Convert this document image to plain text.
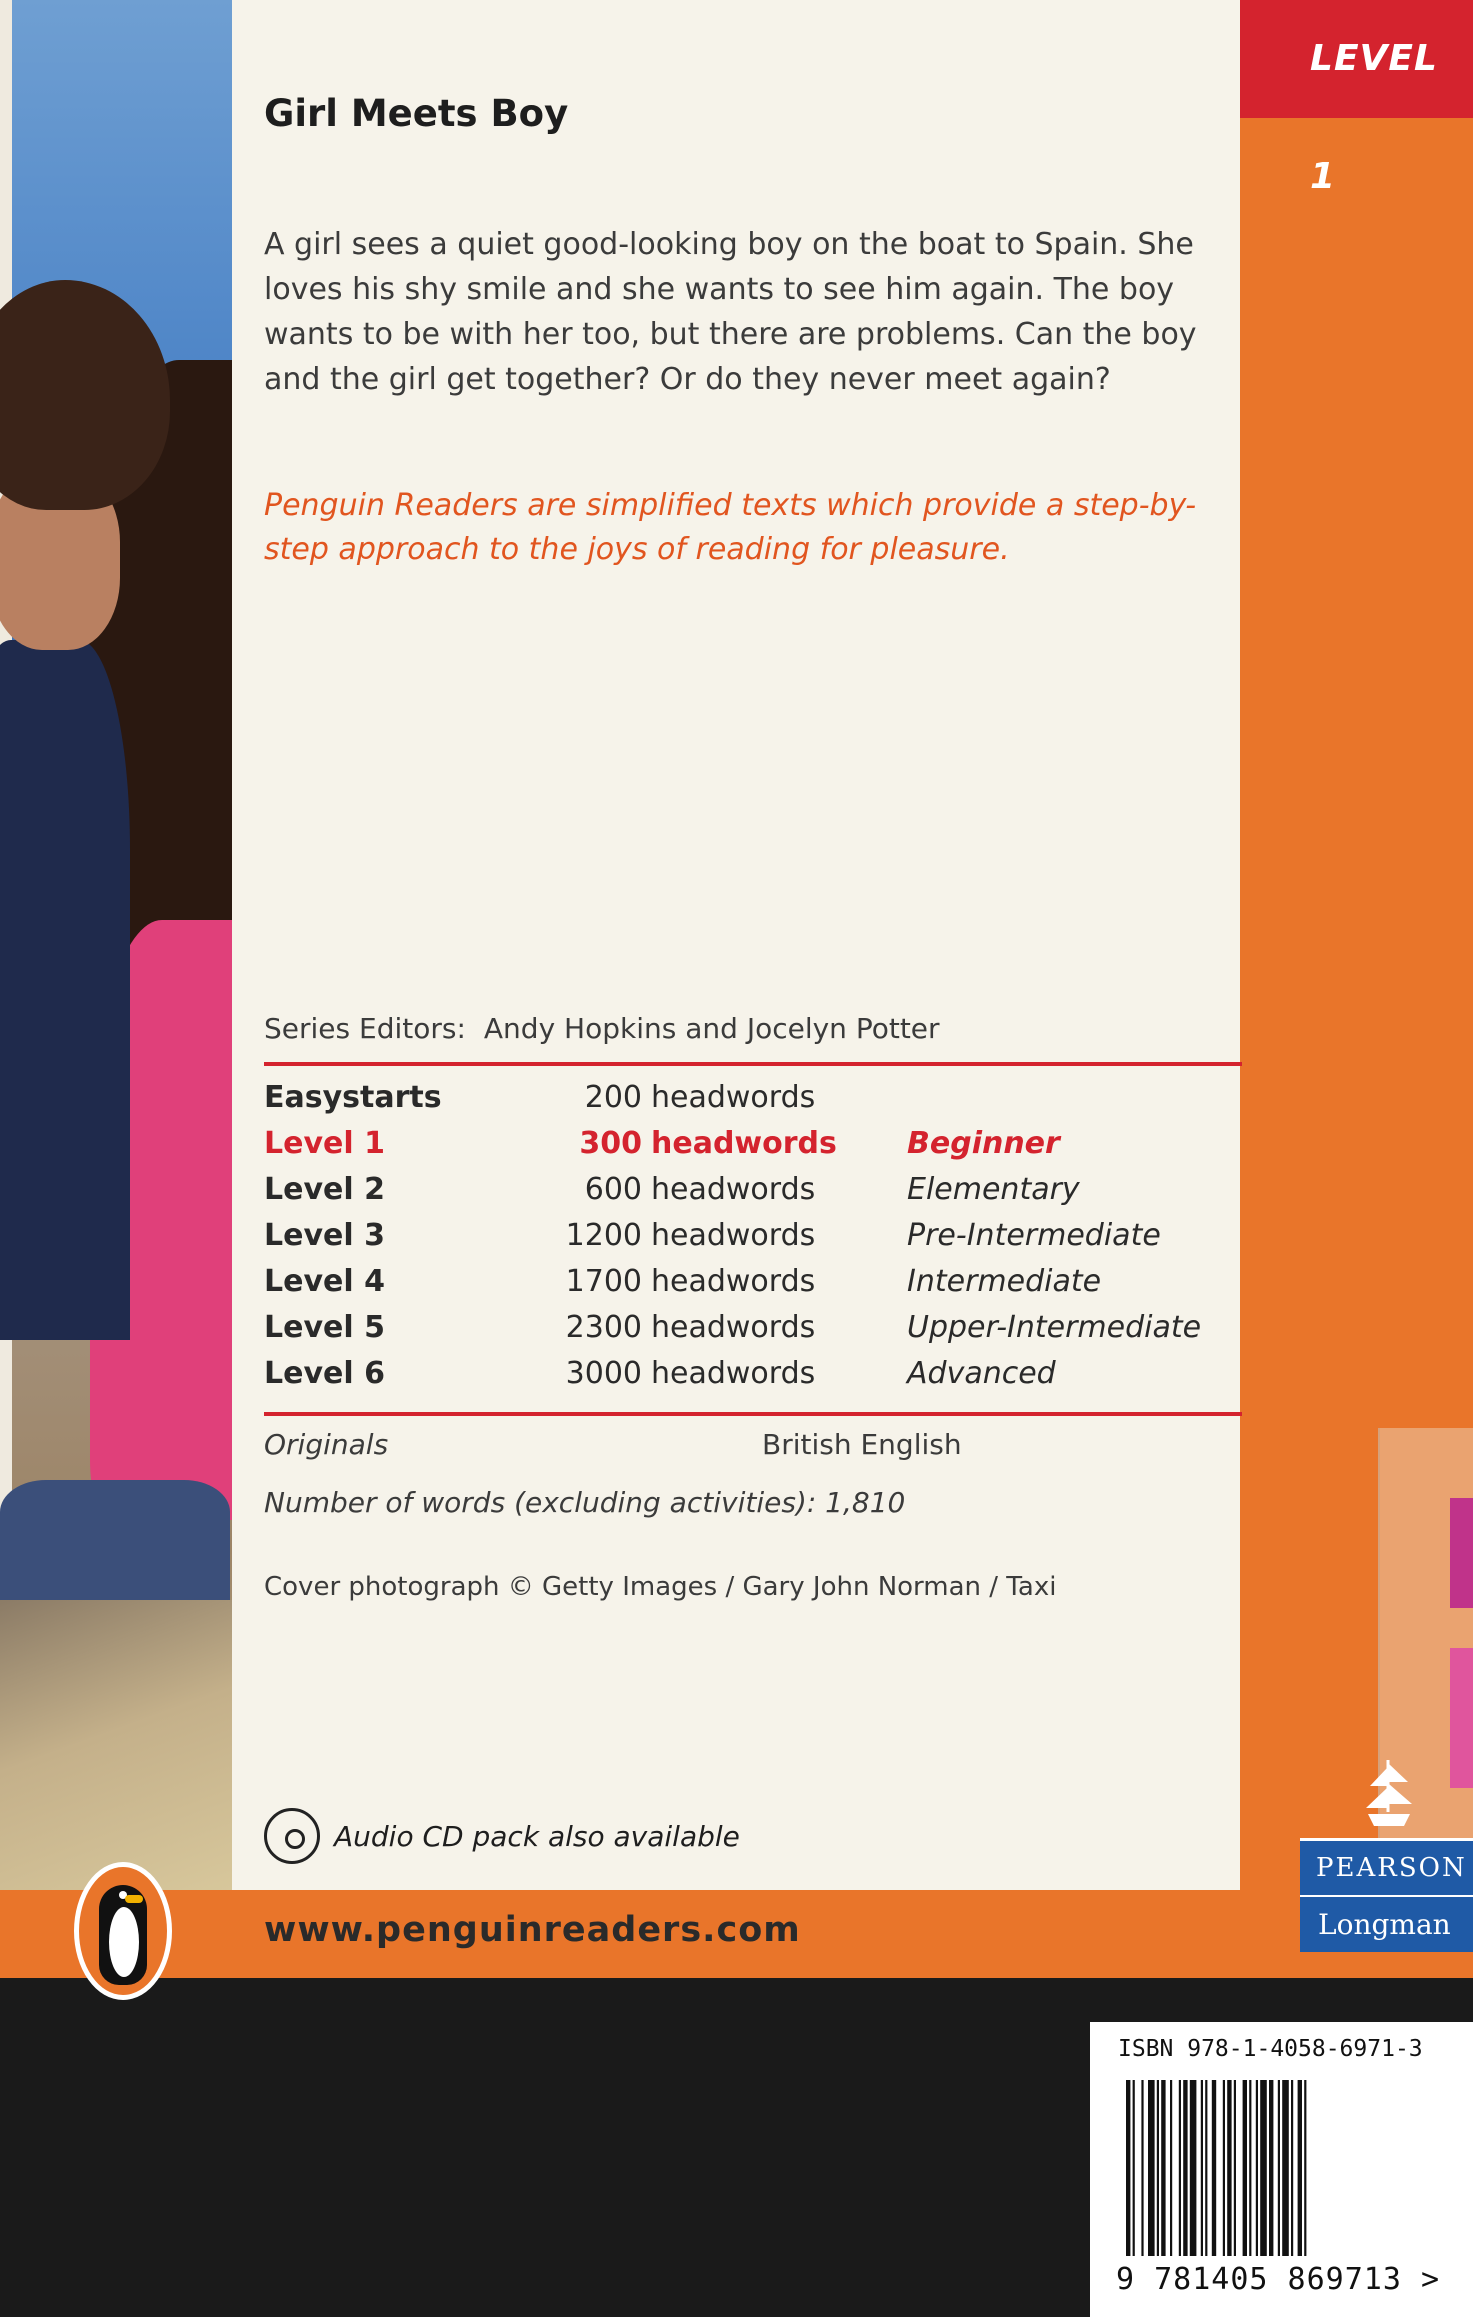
LEVEL 1
Girl Meets Boy
A girl sees a quiet good-looking boy on the boat to Spain. She loves his shy smile and she wants to see him again. The boy wants to be with her too, but there are problems. Can the boy and the girl get together? Or do they never meet again?
Penguin Readers are simplified texts which provide a step-by-step approach to the joys of reading for pleasure.
Series Editors: Andy Hopkins and Jocelyn Potter
Easystarts	200 headwords
Level 1	300 headwords Beginner
Level 2	600 headwords	Elementary
Level 3	1200 headwords	Pre-Intermediate
Level 4	1700 headwords	Intermediate
Level 5	2300 headwords	Upper-Intermediate
Level 6	3000 headwords	Advanced
Originals	British English
Number of words (excluding activities): 1,810
Cover photograph © Getty Images / Gary John Norman / Taxi
Audio CD pack also available
www.penguinreaders.com
PEARSON
Longman
ISBN 978-1-4058-6971-3
9 781405 869713 >
